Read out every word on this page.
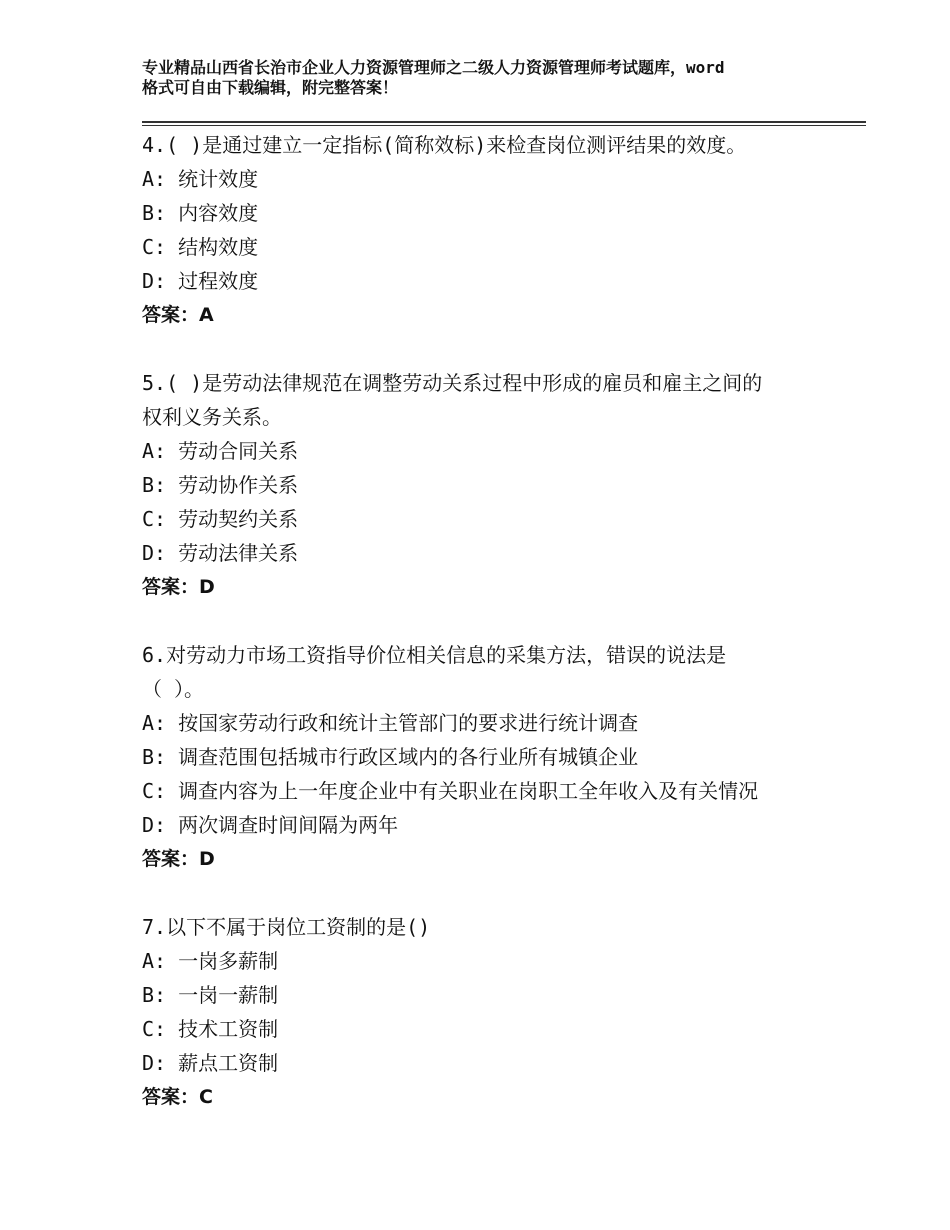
专业精品山西省长治市企业人力资源管理师之二级人力资源管理师考试题库，word
格式可自由下载编辑，附完整答案！
4.( )是通过建立一定指标(简称效标)来检查岗位测评结果的效度。
A: 统计效度
B: 内容效度
C: 结构效度
D: 过程效度
答案：A
5.( )是劳动法律规范在调整劳动关系过程中形成的雇员和雇主之间的
权利义务关系。
A: 劳动合同关系
B: 劳动协作关系
C: 劳动契约关系
D: 劳动法律关系
答案：D
6.对劳动力市场工资指导价位相关信息的采集方法，错误的说法是
（ ）。
A: 按国家劳动行政和统计主管部门的要求进行统计调查
B: 调查范围包括城市行政区域内的各行业所有城镇企业
C: 调查内容为上一年度企业中有关职业在岗职工全年收入及有关情况
D: 两次调查时间间隔为两年
答案：D
7.以下不属于岗位工资制的是()
A: 一岗多薪制
B: 一岗一薪制
C: 技术工资制
D: 薪点工资制
答案：C
